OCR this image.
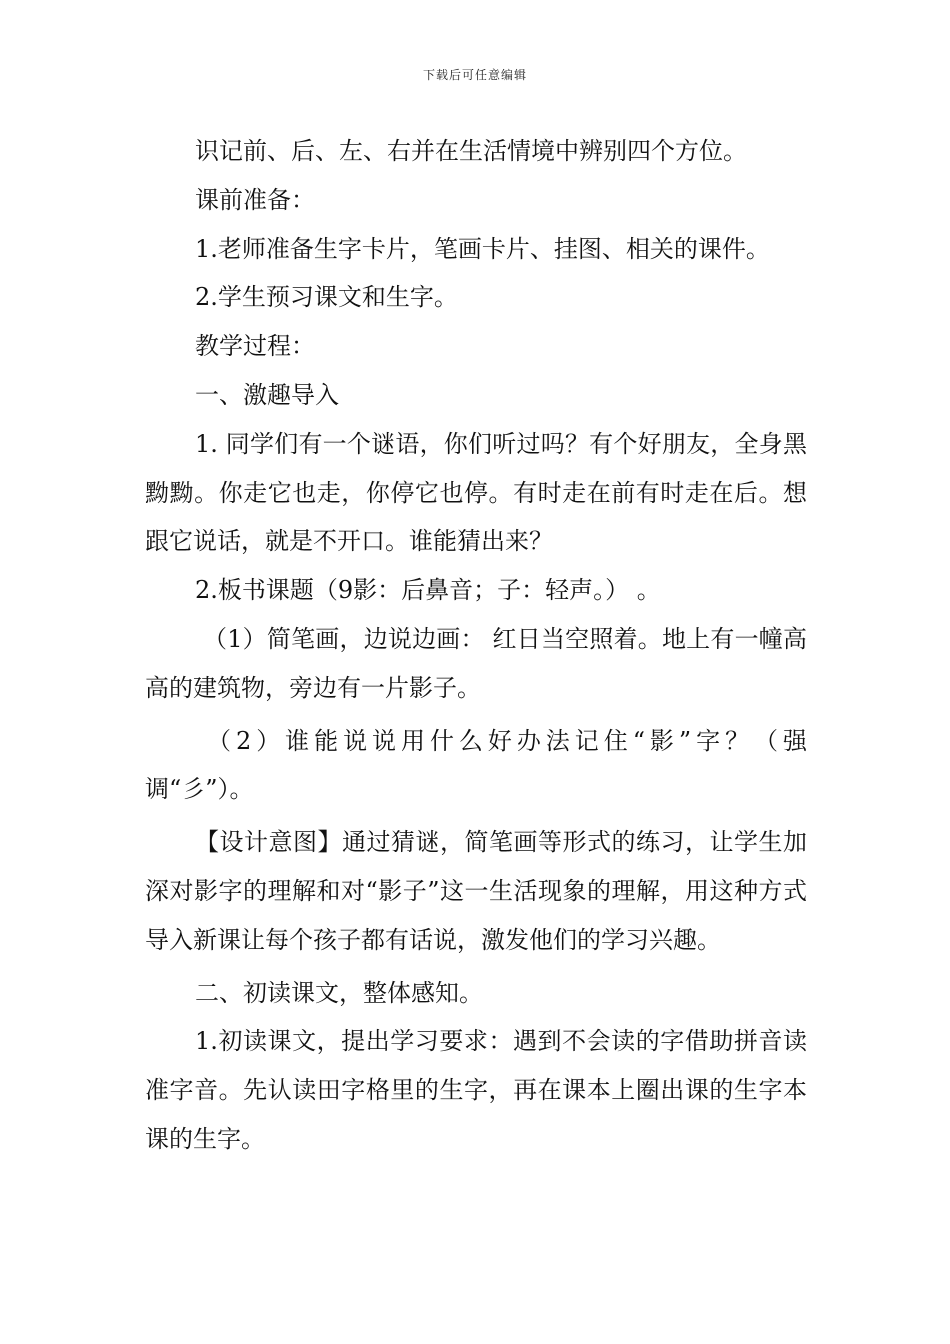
下载后可任意编辑

识记前、后、左、右并在生活情境中辨别四个方位。

课前准备：

1.老师准备生字卡片，笔画卡片、挂图、相关的课件。

2.学生预习课文和生字。

教学过程：

一、激趣导入

1. 同学们有一个谜语，你们听过吗？有个好朋友，全身黑黝黝。你走它也走，你停它也停。有时走在前有时走在后。想跟它说话，就是不开口。谁能猜出来？

2.板书课题（9影：后鼻音；子：轻声。） 。

（1）简笔画，边说边画： 红日当空照着。地上有一幢高高的建筑物，旁边有一片影子。

（2）谁能说说用什么好办法记住“影”字？（强调“彡”）。

【设计意图】通过猜谜，简笔画等形式的练习，让学生加深对影字的理解和对“影子”这一生活现象的理解，用这种方式导入新课让每个孩子都有话说，激发他们的学习兴趣。

二、初读课文，整体感知。

1.初读课文，提出学习要求：遇到不会读的字借助拼音读准字音。先认读田字格里的生字，再在课本上圈出课的生字本课的生字。
